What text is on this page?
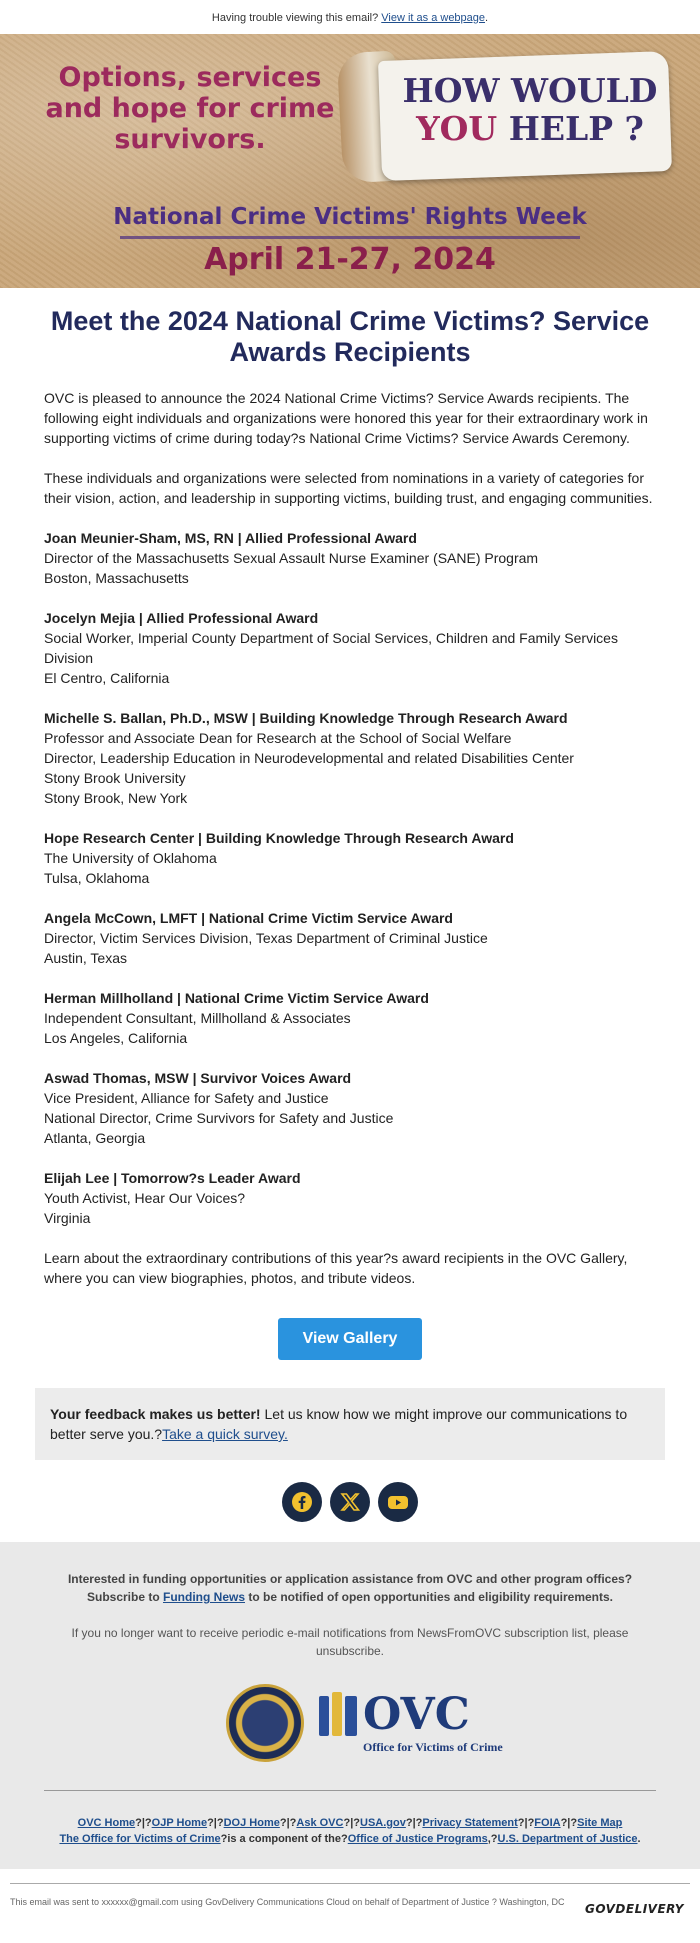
Having trouble viewing this email? View it as a webpage.
Options, services and hope for crime survivors.
HOW WOULD
YOU HELP ?
National Crime Victims' Rights Week
April 21-27, 2024
Meet the 2024 National Crime Victims? Service Awards Recipients

OVC is pleased to announce the 2024 National Crime Victims? Service Awards recipients. The following eight individuals and organizations were honored this year for their extraordinary work in supporting victims of crime during today?s National Crime Victims? Service Awards Ceremony.

These individuals and organizations were selected from nominations in a variety of categories for their vision, action, and leadership in supporting victims, building trust, and engaging communities.

Joan Meunier-Sham, MS, RN | Allied Professional Award
Director of the Massachusetts Sexual Assault Nurse Examiner (SANE) Program
Boston, Massachusetts
Jocelyn Mejia | Allied Professional Award
Social Worker, Imperial County Department of Social Services, Children and Family Services Division
El Centro, California
Michelle S. Ballan, Ph.D., MSW | Building Knowledge Through Research Award
Professor and Associate Dean for Research at the School of Social Welfare
Director, Leadership Education in Neurodevelopmental and related Disabilities Center
Stony Brook University
Stony Brook, New York
Hope Research Center | Building Knowledge Through Research Award
The University of Oklahoma
Tulsa, Oklahoma
Angela McCown, LMFT | National Crime Victim Service Award
Director, Victim Services Division, Texas Department of Criminal Justice
Austin, Texas
Herman Millholland | National Crime Victim Service Award
Independent Consultant, Millholland & Associates
Los Angeles, California
Aswad Thomas, MSW | Survivor Voices Award
Vice President, Alliance for Safety and Justice
National Director, Crime Survivors for Safety and Justice
Atlanta, Georgia
Elijah Lee | Tomorrow?s Leader Award
Youth Activist, Hear Our Voices?
Virginia

Learn about the extraordinary contributions of this year?s award recipients in the OVC Gallery, where you can view biographies, photos, and tribute videos.

View Gallery
Your feedback makes us better! Let us know how we might improve our communications to better serve you.?Take a quick survey.

Interested in funding opportunities or application assistance from OVC and other program offices? Subscribe to Funding News to be notified of open opportunities and eligibility requirements.
If you no longer want to receive periodic e-mail notifications from NewsFromOVC subscription list, please unsubscribe.
OVC
Office for Victims of Crime
OVC Home?|?OJP Home?|?DOJ Home?|?Ask OVC?|?USA.gov?|?Privacy Statement?|?FOIA?|?Site Map
The Office for Victims of Crime?is a component of the?Office of Justice Programs,?U.S. Department of Justice.
This email was sent to xxxxxx@gmail.com using GovDelivery Communications Cloud on behalf of Department of Justice ? Washington, DC	GOVDELIVERY
